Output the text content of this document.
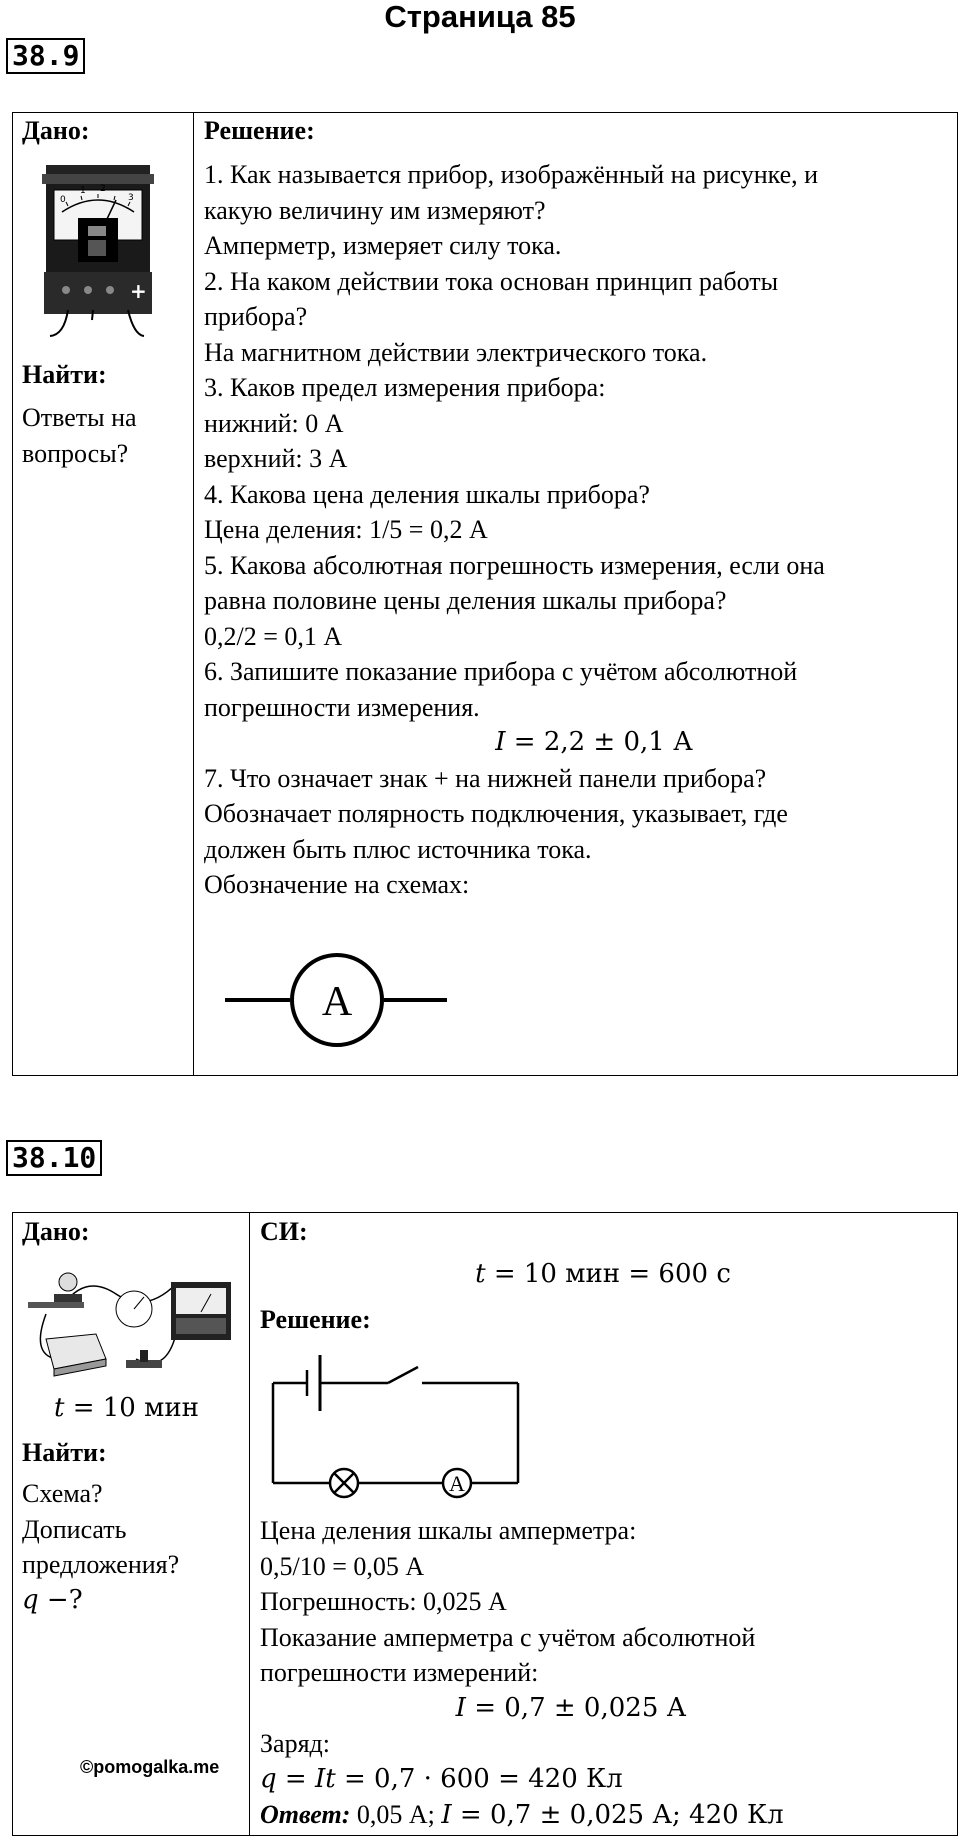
Страница 85
38.9
Дано:
0
1 2
3
+
Найти:
Ответы на
вопросы?
Решение:
1. Как называется прибор, изображённый на рисунке, и
какую величину им измеряют?
Амперметр, измеряет силу тока.
2. На каком действии тока основан принцип работы
прибора?
На магнитном действии электрического тока.
3. Каков предел измерения прибора:
нижний: 0 А
верхний: 3 А
4. Какова цена деления шкалы прибора?
Цена деления: 1/5 = 0,2 А
5. Какова абсолютная погрешность измерения, если она
равна половине цены деления шкалы прибора?
0,2/2 = 0,1 А
6. Запишите показание прибора с учётом абсолютной
погрешности измерения.
I = 2,2 ± 0,1 А
7. Что означает знак + на нижней панели прибора?
Обозначает полярность подключения, указывает, где
должен быть плюс источника тока.
Обозначение на схемах:
A
38.10
Дано:
t = 10 мин
Найти:
Схема?
Дописать
предложения?
q −?
СИ:
t = 10 мин = 600 с
Решение:
A
Цена деления шкалы амперметра:
0,5/10 = 0,05 А
Погрешность: 0,025 А
Показание амперметра с учётом абсолютной
погрешности измерений:
I = 0,7 ± 0,025 А
Заряд:
q = It = 0,7 · 600 = 420 Кл
Ответ: 0,05 А; I = 0,7 ± 0,025 А; 420 Кл
©pomogalka.me
